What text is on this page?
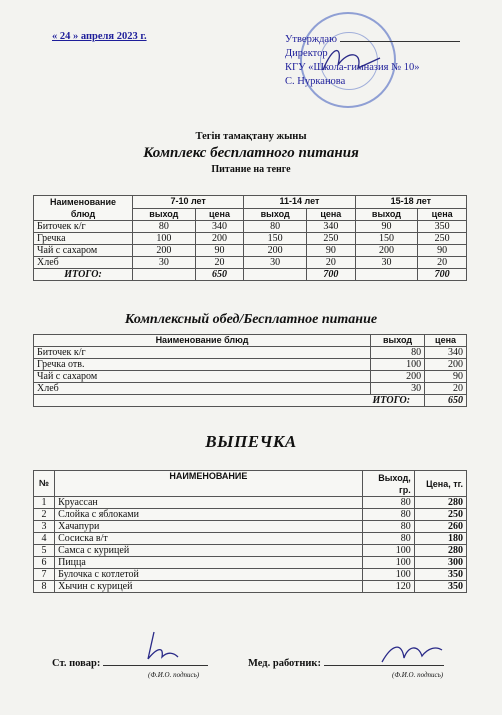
« 24 » апреля 2023 г.	Утверждаю
Директор
КГУ «Школа-гимназия № 10»
С. Нурканова
Тегін тамақтану жыны
Комплекс бесплатного питания
Питание на тенге
Наименование блюд	7-10 лет		11-14 лет		15-18 лет	
	выход	цена	выход	цена	выход	цена
Биточек к/г	80	340	80	340	90	350
Гречка	100	200	150	250	150	250
Чай с сахаром	200	90	200	90	200	90
Хлеб	30	20	30	20	30	20
ИТОГО:		650		700		700
Комплексный обед/Бесплатное питание
Наименование блюд	выход	цена
Биточек к/г	80	340
Гречка отв.	100	200
Чай с сахаром	200	90
Хлеб	30	20
ИТОГО:		650
ВЫПЕЧКА
№	НАИМЕНОВАНИЕ	Выход, гр.	Цена, тг.
1	Круассан	80	280
2	Слойка с яблоками	80	250
3	Хачапури	80	260
4	Сосиска в/т	80	180
5	Самса с курицей	100	280
6	Пицца	100	300
7	Булочка с котлетой	100	350
8	Хычин с курицей	120	350
Ст. повар:	Мед. работник:
(Ф.И.О. подпись)	(Ф.И.О. подпись)
